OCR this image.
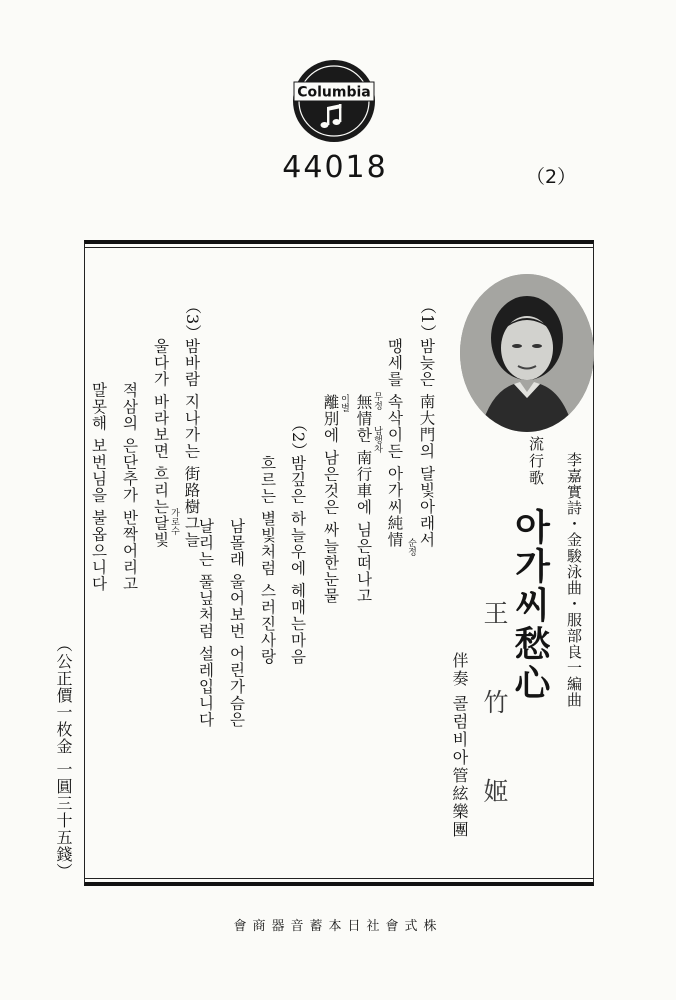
Columbia
44018	（2）
（公正價一枚金 一圓三十五錢）
李嘉實詩・金駿泳曲・服部良一編曲
流行歌
아가씨愁心
王 竹 姬
伴奏 콜럼비아管絃樂團
（1）
밤늦은 南大門의 달빛아래서
순정
맹세를 속삭이든 아가씨純情
무정
남행차
無情한 南行車에 님은떠나고
이별
離別에 남은것은 싸늘한눈물
（2）
밤깊은 하늘우에 헤매는마음
흐르는 별빛처럼 스러진사랑
남몰래 울어보번 어린가슴은
날리는 풀닢처럼 설레입니다
（3）
밤바람 지나가는 街路樹그늘
가로수
울다가 바라보면 흐리는달빛
적삼의 은단추가 반짝어리고
말못해 보번님을 불옵으니다
會商器音蓄本日社會式株
